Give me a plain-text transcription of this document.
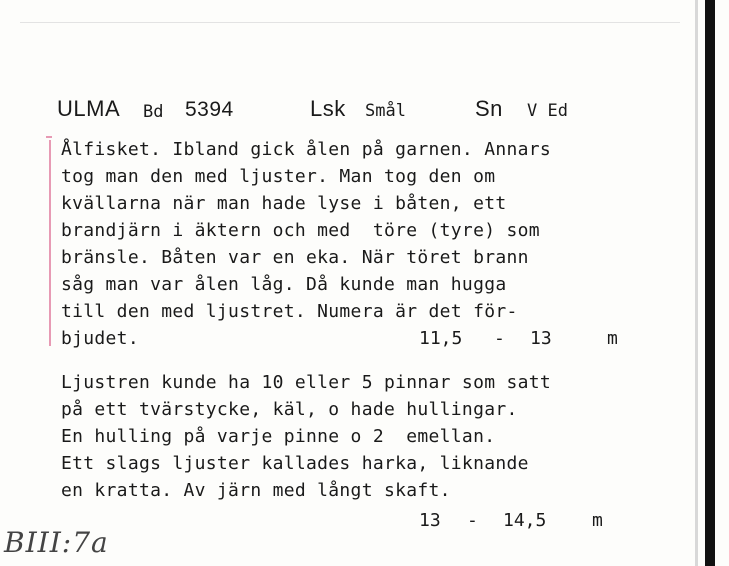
ULMA Bd 5394	Lsk Smål	Sn V Ed
Ålfisket. Ibland gick ålen på garnen. Annars
tog man den med ljuster. Man tog den om
kvällarna när man hade lyse i båten, ett
brandjärn i äktern och med  töre (tyre) som
bränsle. Båten var en eka. När töret brann
såg man var ålen låg. Då kunde man hugga
till den med ljustret. Numera är det för-
bjudet.	11,5 - 13	m
Ljustren kunde ha 10 eller 5 pinnar som satt
på ett tvärstycke, käl, o hade hullingar.
En hulling på varje pinne o 2  emellan.
Ett slags ljuster kallades harka, liknande
en kratta. Av järn med långt skaft.
13 - 14,5	m
BIII:7a
